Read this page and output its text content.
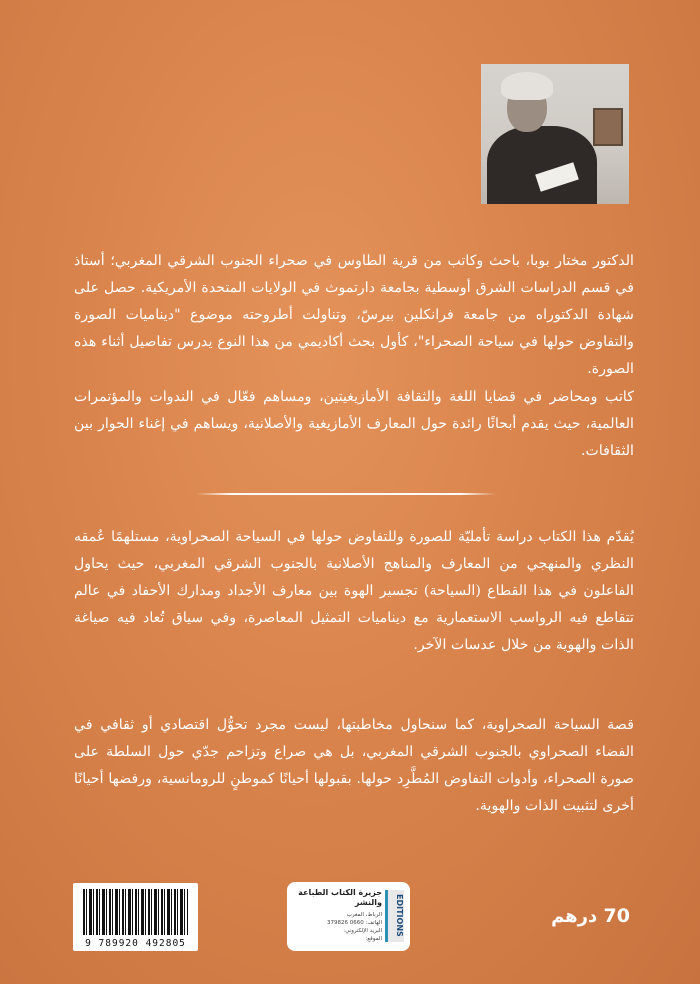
الدكتور مختار بوبا، باحث وكاتب من قرية الطاوس في صحراء الجنوب الشرقي المغربي؛ أستاذ في قسم الدراسات الشرق أوسطية بجامعة دارتموث في الولايات المتحدة الأمريكية. حصل على شهادة الدكتوراه من جامعة فرانكلين بيرسّ، وتناولت أطروحته موضوع "ديناميات الصورة والتفاوض حولها في سياحة الصحراء"، كأول بحث أكاديمي من هذا النوع يدرس تفاصيل أثناء هذه الصورة.

كاتب ومحاضر في قضايا اللغة والثقافة الأمازيغيتين، ومساهم فعّال في الندوات والمؤتمرات العالمية، حيث يقدم أبحاثًا رائدة حول المعارف الأمازيغية والأصلانية، ويساهم في إغناء الحوار بين الثقافات.

يُقدّم هذا الكتاب دراسة تأمليّة للصورة وللتفاوض حولها في السياحة الصحراوية، مستلهمًا عُمقه النظري والمنهجي من المعارف والمناهج الأصلانية بالجنوب الشرقي المغربي، حيث يحاول الفاعلون في هذا القطاع (السياحة) تجسير الهوة بين معارف الأجداد ومدارك الأحفاد في عالم تتقاطع فيه الرواسب الاستعمارية مع ديناميات التمثيل المعاصرة، وفي سياق تُعاد فيه صياغة الذات والهوية من خلال عدسات الآخر.

قصة السياحة الصحراوية، كما سنحاول مخاطبتها، ليست مجرد تحوُّل اقتصادي أو ثقافي في الفضاء الصحراوي بالجنوب الشرقي المغربي، بل هي صراع وتزاحم جدّي حول السلطة على صورة الصحراء، وأدوات التفاوض المُطَّرِد حولها. بقبولها أحيانًا كموطنٍ للرومانسية، ورفضها أحيانًا أخرى لتثبيت الذات والهوية.

9 789920 492805
EDITIONS
جزيرة الكتاب الطباعة والنشر
الرباط، المغرب
الهاتف: 0660 379826
البريد الإلكتروني:
الموقع:
70 درهم
